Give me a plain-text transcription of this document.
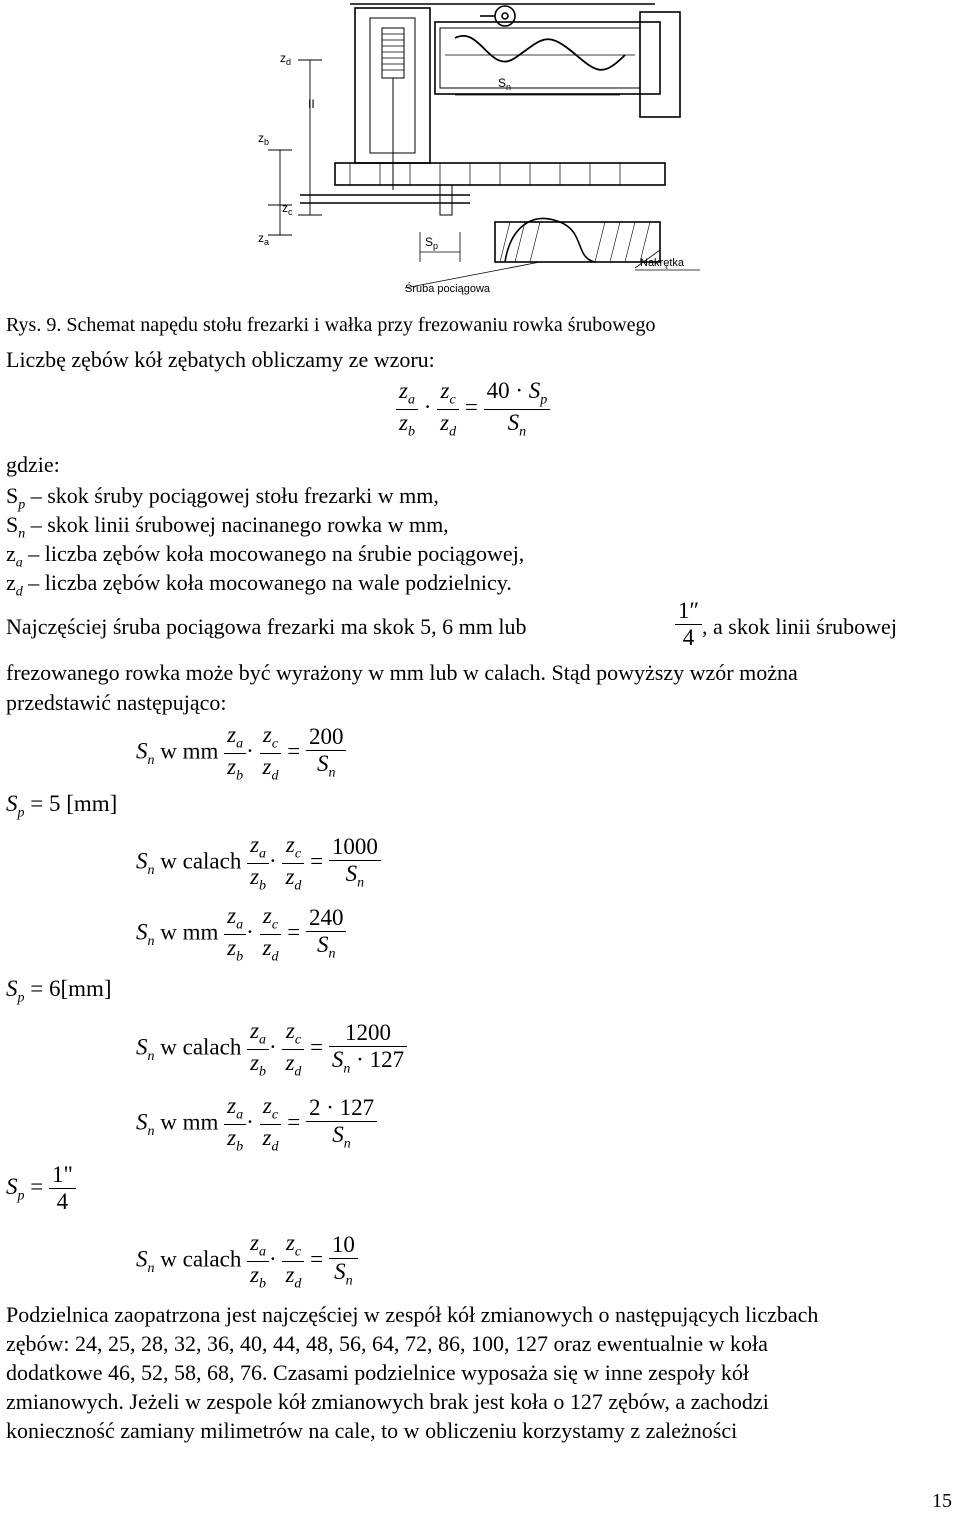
$z_d$
II
$z_b$
$S_n$
$z_c$
$z_a$	$S_p$
Nakrętka
Śruba pociągowa
Rys. 9. Schemat napędu stołu frezarki i wałka przy frezowaniu rowka śrubowego
Liczbę zębów kół zębatych obliczamy ze wzoru:
$\frac{z_a}{z_b} \cdot \frac{z_c}{z_d} = \frac{40 \cdot S_p}{S_n}$
gdzie:
$S_p$ – skok śruby pociągowej stołu frezarki w mm,
$S_n$ – skok linii śrubowej nacinanego rowka w mm,
$z_a$ – liczba zębów koła mocowanego na śrubie pociągowej,
$z_d$ – liczba zębów koła mocowanego na wale podzielnicy.
Najczęściej śruba pociągowa frezarki ma skok 5, 6 mm lub	$\frac{1''}{4}$ , a skok linii śrubowej
frezowanego rowka może być wyrażony w mm lub w calach. Stąd powyższy wzór można
przedstawić następująco:
$S_p = 5$ [mm]
$S_n$ w mm $\frac{z_a}{z_b} \cdot \frac{z_c}{z_d} = \frac{200}{S_n}$
$S_n$ w calach $\frac{z_a}{z_b} \cdot \frac{z_c}{z_d} = \frac{1000}{S_n}$
$S_n$ w mm $\frac{z_a}{z_b} \cdot \frac{z_c}{z_d} = \frac{240}{S_n}$
$S_p = 6[mm]$
$S_n$ w calach $\frac{z_a}{z_b} \cdot \frac{z_c}{z_d} = \frac{1200}{S_n \cdot 127}$
$S_n$ w mm $\frac{z_a}{z_b} \cdot \frac{z_c}{z_d} = \frac{2 \cdot 127}{S_n}$
$S_p = \frac{1"}{4}$
$S_n$ w calach $\frac{z_a}{z_b} \cdot \frac{z_c}{z_d} = \frac{10}{S_n}$
Podzielnica zaopatrzona jest najczęściej w zespół kół zmianowych o następujących liczbach
zębów: 24, 25, 28, 32, 36, 40, 44, 48, 56, 64, 72, 86, 100, 127 oraz ewentualnie w koła
dodatkowe 46, 52, 58, 68, 76. Czasami podzielnice wyposaża się w inne zespoły kół
zmianowych. Jeżeli w zespole kół zmianowych brak jest koła o 127 zębów, a zachodzi
konieczność zamiany milimetrów na cale, to w obliczeniu korzystamy z zależności
15
